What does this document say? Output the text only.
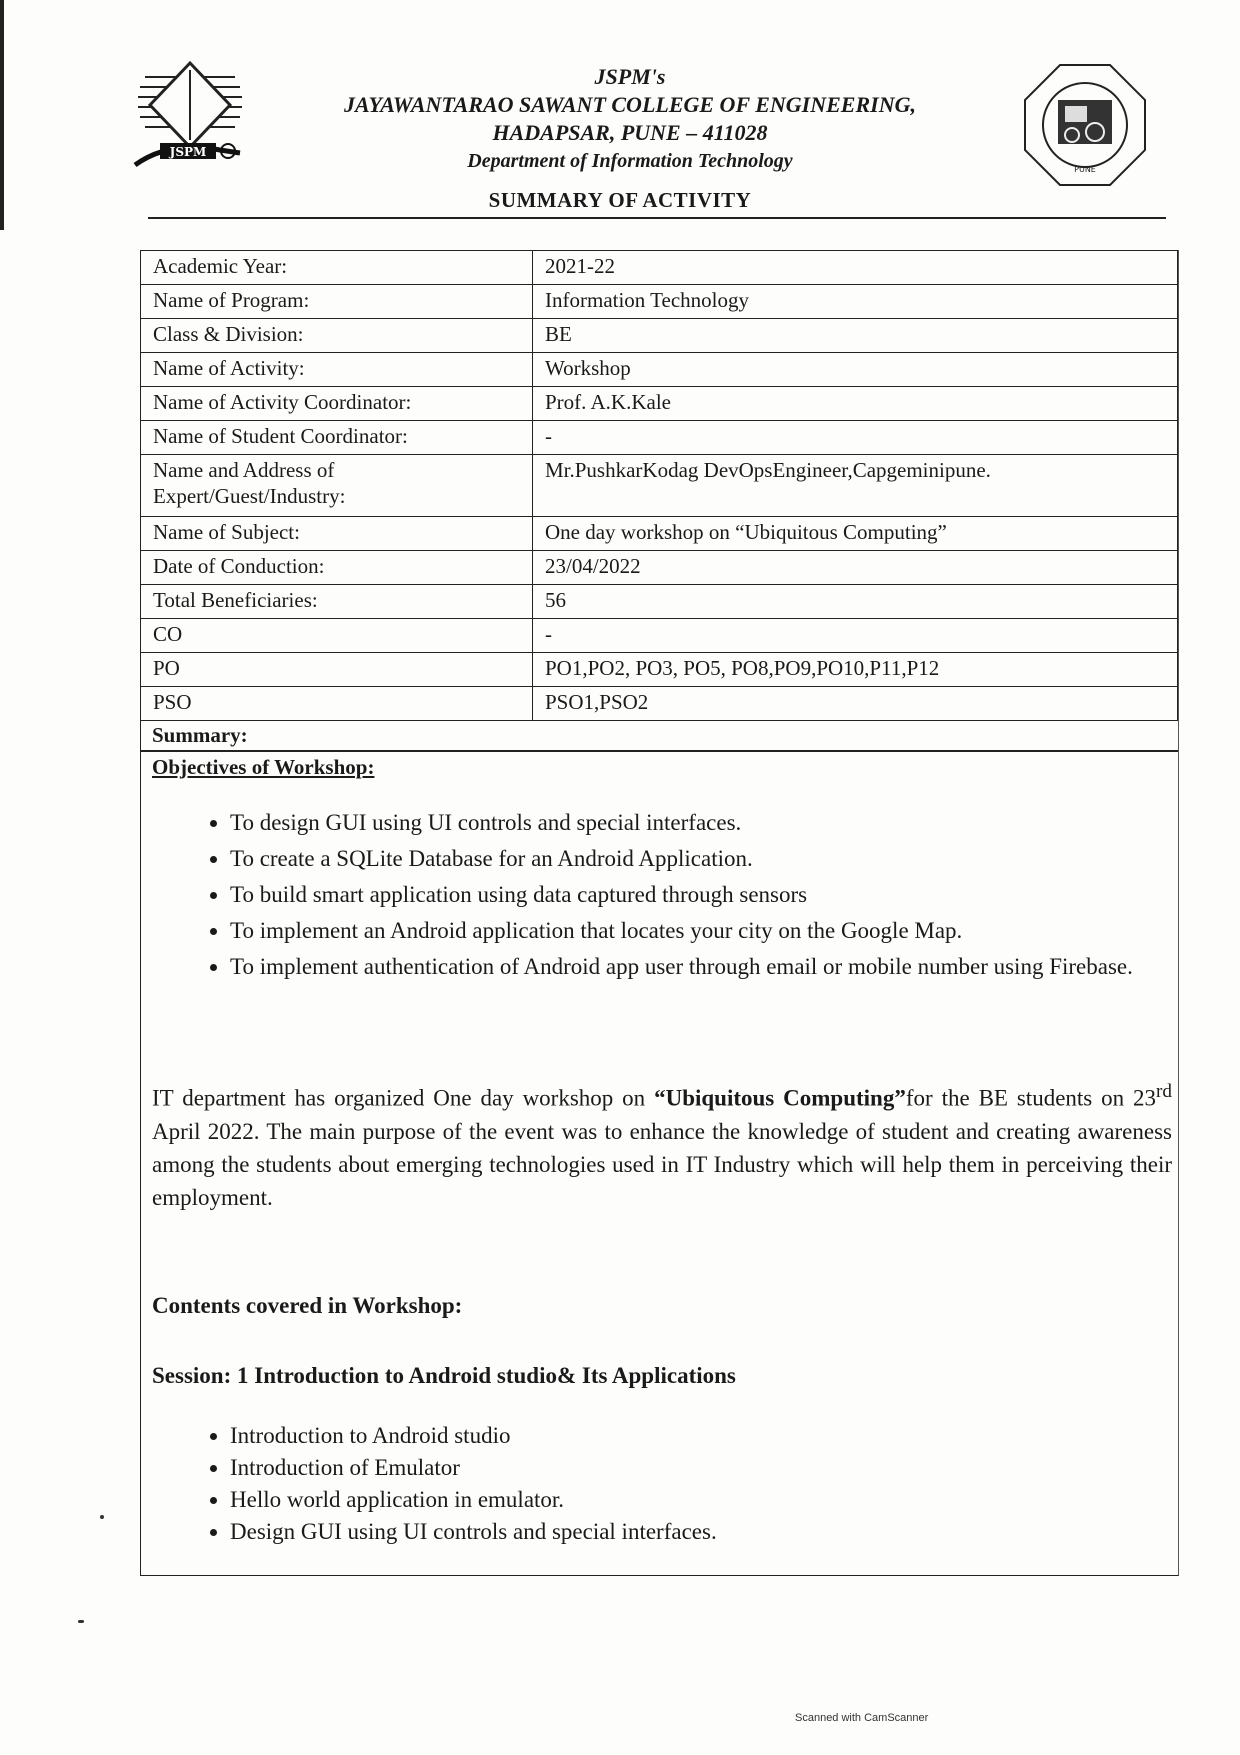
JSPM
JSPM's
JAYAWANTARAO SAWANT COLLEGE OF ENGINEERING,
HADAPSAR, PUNE – 411028
Department of Information Technology	PUNE
SUMMARY OF ACTIVITY
Academic Year:	2021-22
Name of Program:	Information Technology
Class & Division:	BE
Name of Activity:	Workshop
Name of Activity Coordinator:	Prof. A.K.Kale
Name of Student Coordinator:	-
Name and Address of Expert/Guest/Industry:	Mr.PushkarKodag DevOpsEngineer,Capgeminipune.
Name of Subject:	One day workshop on “Ubiquitous Computing”
Date of Conduction:	23/04/2022
Total Beneficiaries:	56
CO	-
PO	PO1,PO2, PO3, PO5, PO8,PO9,PO10,P11,P12
PSO	PSO1,PSO2
Summary:
Objectives of Workshop:
• To design GUI using UI controls and special interfaces.
• To create a SQLite Database for an Android Application.
• To build smart application using data captured through sensors
• To implement an Android application that locates your city on the Google Map.
• To implement authentication of Android app user through email or mobile number using Firebase.
IT department has organized One day workshop on “Ubiquitous Computing”for the BE students on 23rd April 2022. The main purpose of the event was to enhance the knowledge of student and creating awareness among the students about emerging technologies used in IT Industry which will help them in perceiving their employment.
Contents covered in Workshop:
Session: 1 Introduction to Android studio& Its Applications
• Introduction to Android studio
• Introduction of Emulator
• Hello world application in emulator.
• Design GUI using UI controls and special interfaces.
Scanned with CamScanner
